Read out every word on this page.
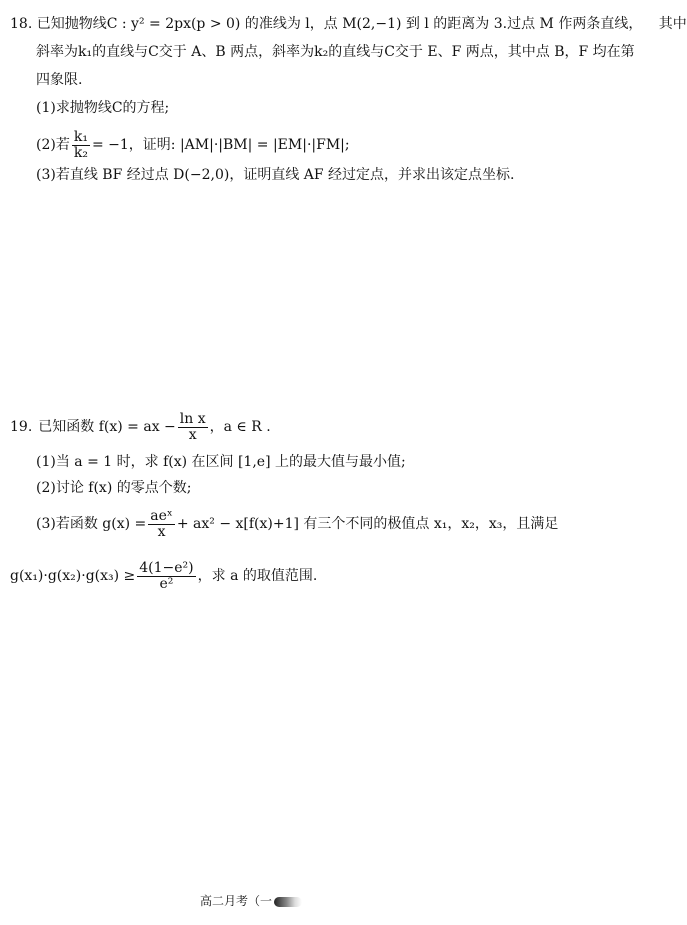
18. 已知抛物线C : y² = 2px(p > 0) 的准线为 l，点 M(2,−1) 到 l 的距离为 3.过点 M 作两条直线， 其中
斜率为k₁的直线与C交于 A、B 两点，斜率为k₂的直线与C交于 E、F 两点，其中点 B，F 均在第
四象限.
(1)求抛物线C的方程;
(2)若 $\frac{\text{k₁}}{\text{k₂}} = -1$，证明: |AM|·|BM| = |EM|·|FM|;
(3)若直线 BF 经过点 D(−2,0)，证明直线 AF 经过定点，并求出该定点坐标.
19. 已知函数 f(x) = ax − $\frac{\text{ln x}}{x}$ ，a ∈ R .
(1)当 a = 1 时，求 f(x) 在区间 [1,e] 上的最大值与最小值;
(2)讨论 f(x) 的零点个数;
(3)若函数 $g(x) = \frac{\text{aeˣ}}{x} + ax^2 - x[f(x)+1]$ 有三个不同的极值点 x₁，x₂，x₃，且满足
$g(x_1)\cdot g(x_2)\cdot g(x_3) \ge \frac{\text{4(1−e²)}}{\text{e²}}$ ，求 a 的取值范围.
高二月考（一
